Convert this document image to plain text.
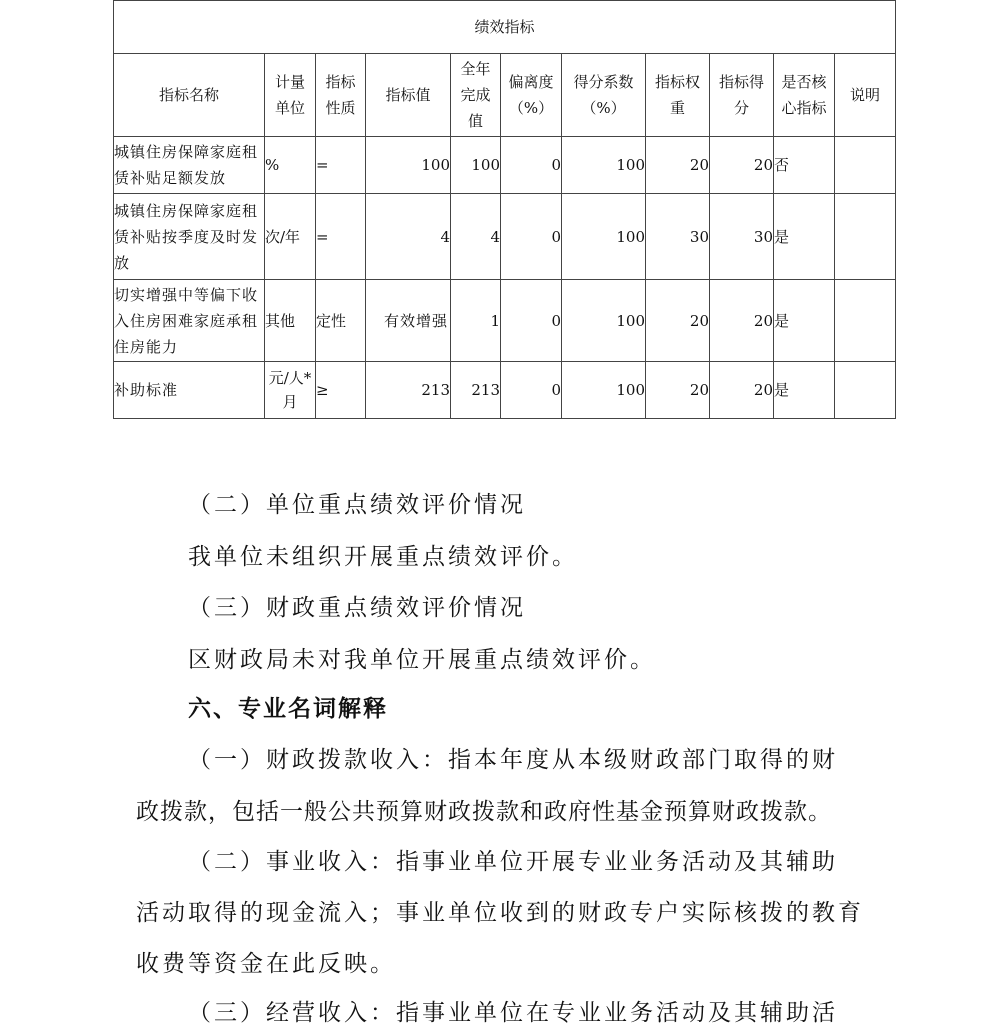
绩效指标

指标名称

计量
单位

指标
性质

指标值

全年
完成
值

偏离度
（%）

得分系数
（%）

指标权
重

指标得
分

是否核
心指标

说明

城镇住房保障家庭租赁补贴足额发放	%	=	100	100	0	100	20	20	否	
城镇住房保障家庭租赁补贴按季度及时发放	次/年	=	4	4	0	100	30	30	是	
切实增强中等偏下收入住房困难家庭承租住房能力	其他	定性	有效增强	1	0	100	20	20	是	
补助标准	元/人*月	≥	213	213	0	100	20	20	是	
（二）单位重点绩效评价情况
我单位未组织开展重点绩效评价。
（三）财政重点绩效评价情况
区财政局未对我单位开展重点绩效评价。
六、专业名词解释
（一）财政拨款收入：指本年度从本级财政部门取得的财
政拨款，包括一般公共预算财政拨款和政府性基金预算财政拨款。
（二）事业收入：指事业单位开展专业业务活动及其辅助
活动取得的现金流入；事业单位收到的财政专户实际核拨的教育
收费等资金在此反映。
（三）经营收入：指事业单位在专业业务活动及其辅助活
